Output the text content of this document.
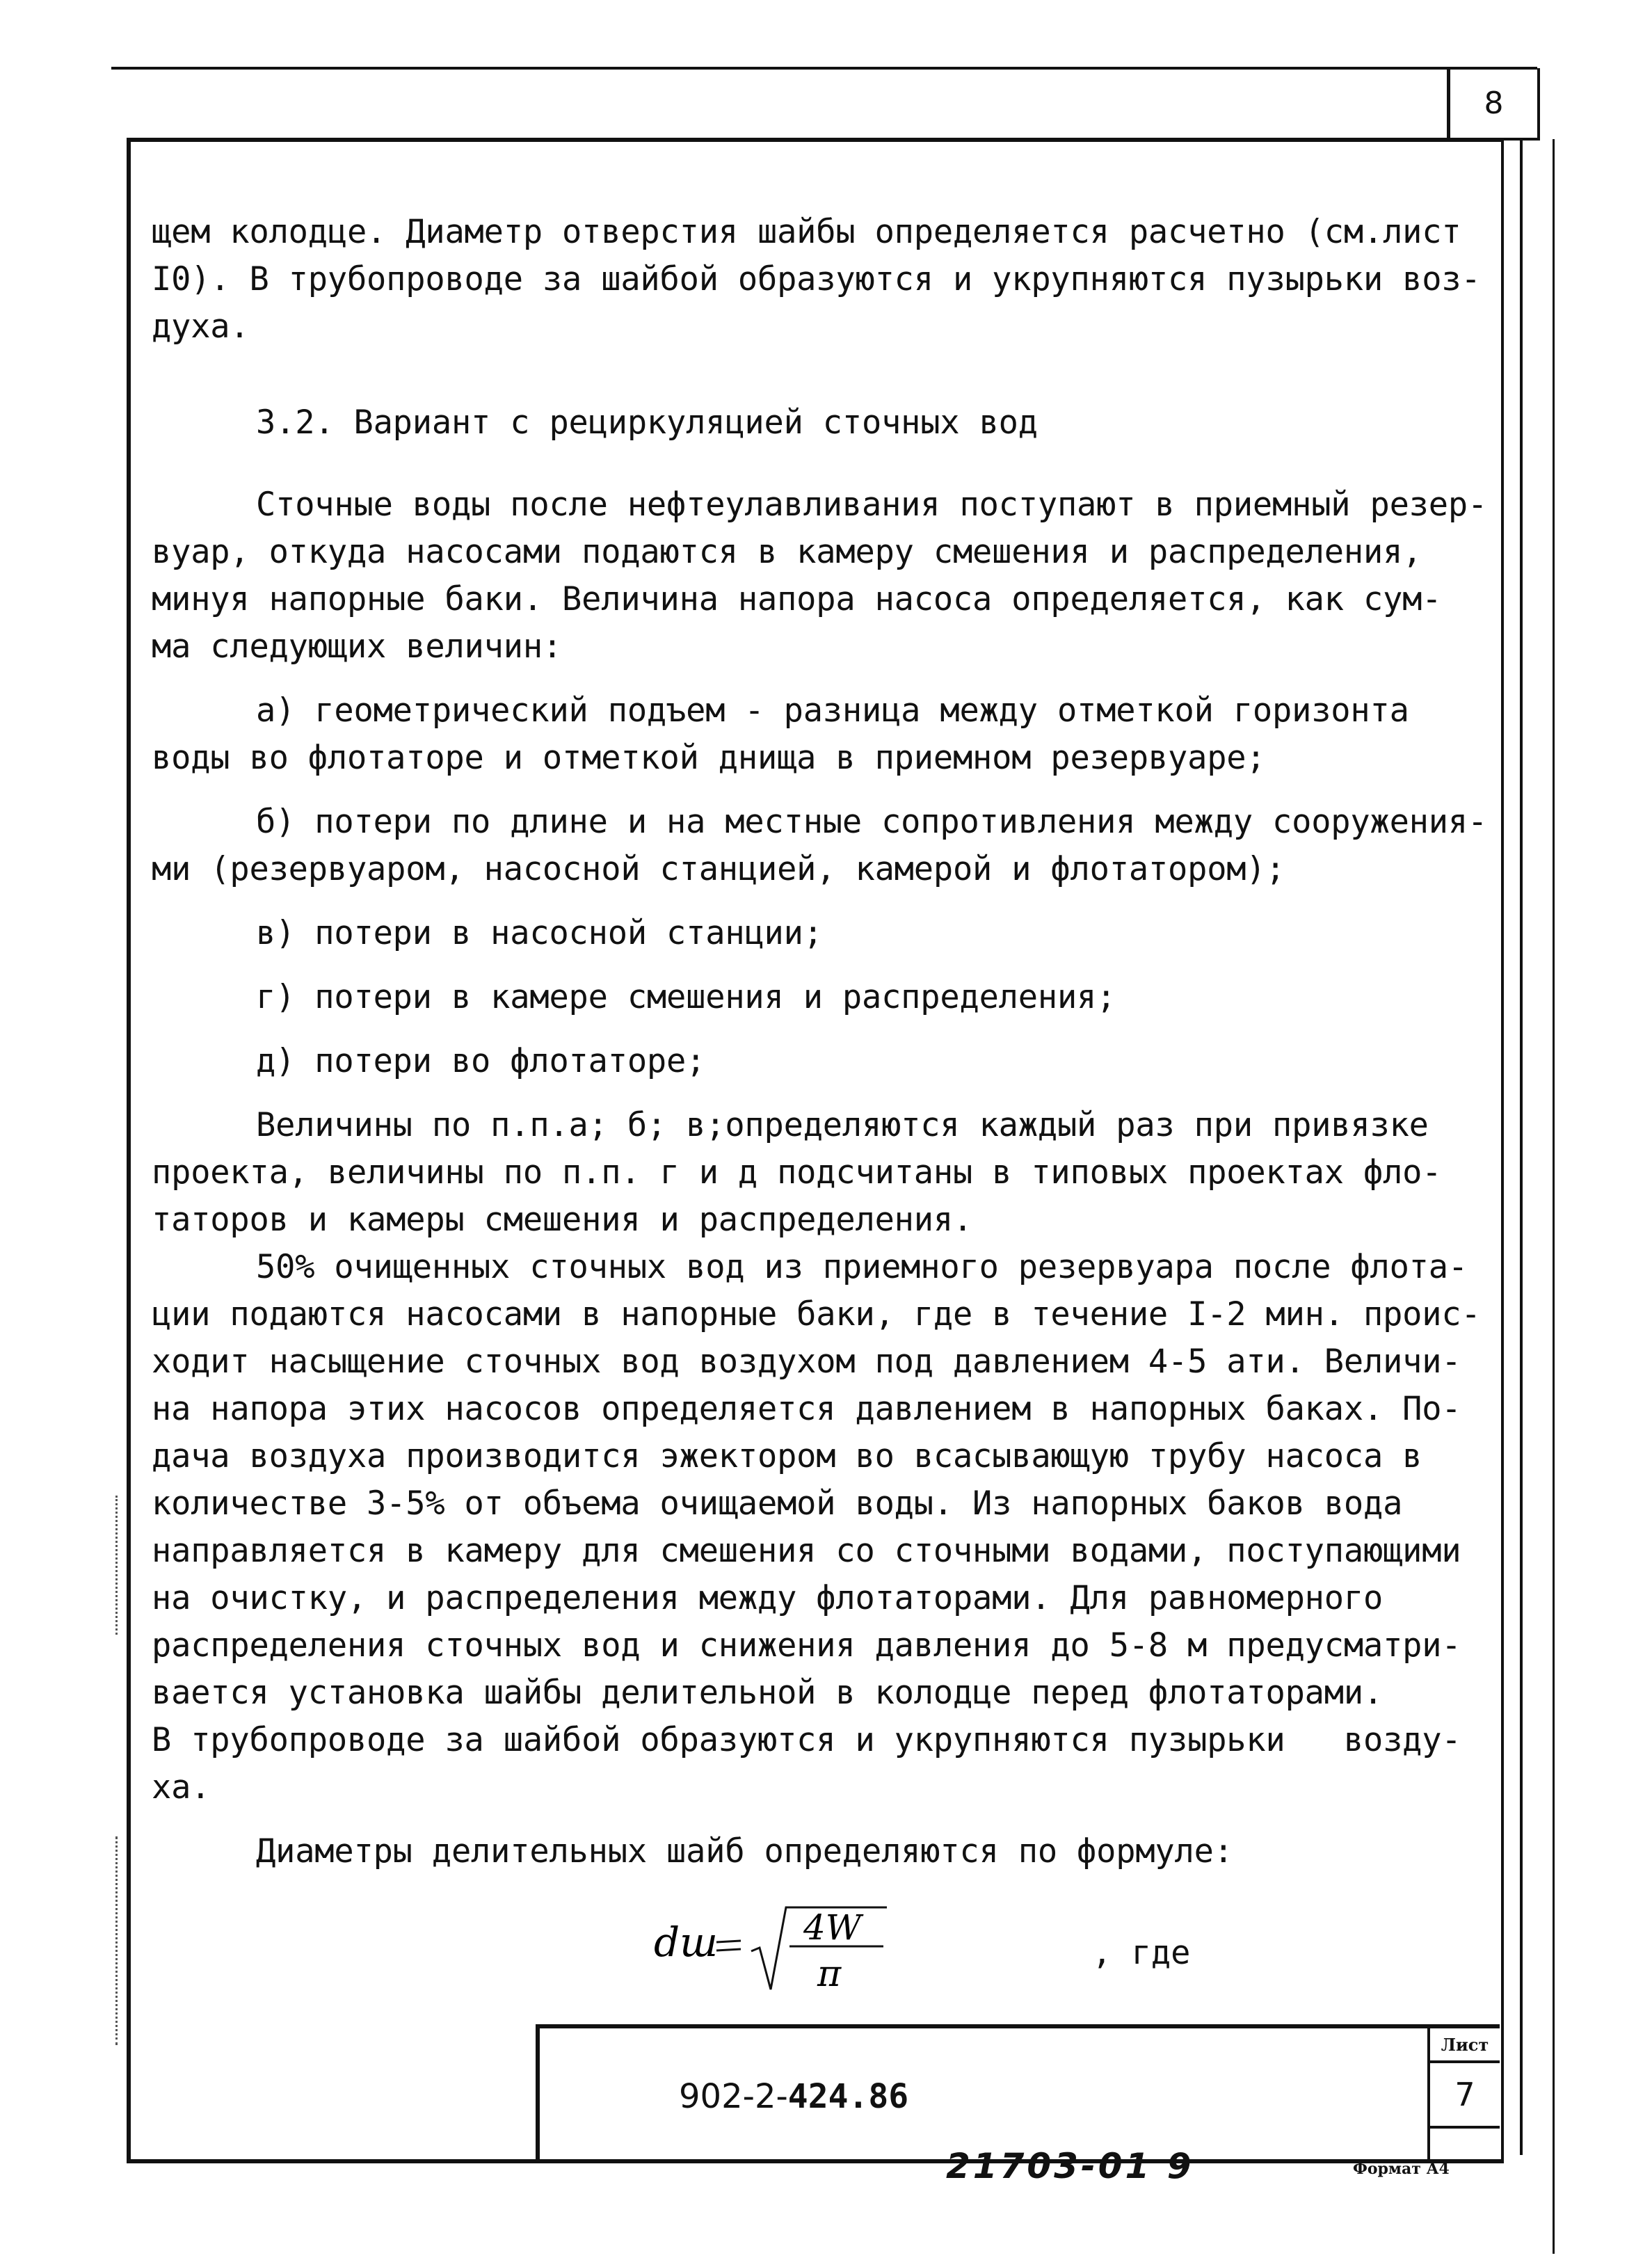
8

щем колодце. Диаметр отверстия шайбы определяется расчетно (см.лист

I0). В трубопроводе за шайбой образуются и укрупняются пузырьки воз-

духа.

3.2. Вариант с рециркуляцией сточных вод

Сточные воды после нефтеулавливания поступают в приемный резер-

вуар, откуда насосами подаются в камеру смешения и распределения,

минуя напорные баки. Величина напора насоса определяется, как сум-

ма следующих величин:

а) геометрический подъем - разница между отметкой горизонта

воды во флотаторе и отметкой днища в приемном резервуаре;

б) потери по длине и на местные сопротивления между сооружения-

ми (резервуаром, насосной станцией, камерой и флотатором);

в) потери в насосной станции;

г) потери в камере смешения и распределения;

д) потери во флотаторе;

Величины по п.п.а; б; в;определяются каждый раз при привязке

проекта, величины по п.п. г и д подсчитаны в типовых проектах фло-

таторов и камеры смешения и распределения.

50% очищенных сточных вод из приемного резервуара после флота-

ции подаются насосами в напорные баки, где в течение I-2 мин. проис-

ходит насыщение сточных вод воздухом под давлением 4-5 ати. Величи-

на напора этих насосов определяется давлением в напорных баках. По-

дача воздуха производится эжектором во всасывающую трубу насоса в

количестве 3-5% от объема очищаемой воды. Из напорных баков вода

направляется в камеру для смешения со сточными водами, поступающими

на очистку, и распределения между флотаторами. Для равномерного

распределения сточных вод и снижения давления до 5-8 м предусматри-

вается установка шайбы делительной в колодце перед флотаторами.

В трубопроводе за шайбой образуются и укрупняются пузырьки   возду-

ха.

Диаметры делительных шайб определяются по формуле:

dш 4W
π
, где
902-2-424.86
Лист
7
21703-01 9	Формат А4
